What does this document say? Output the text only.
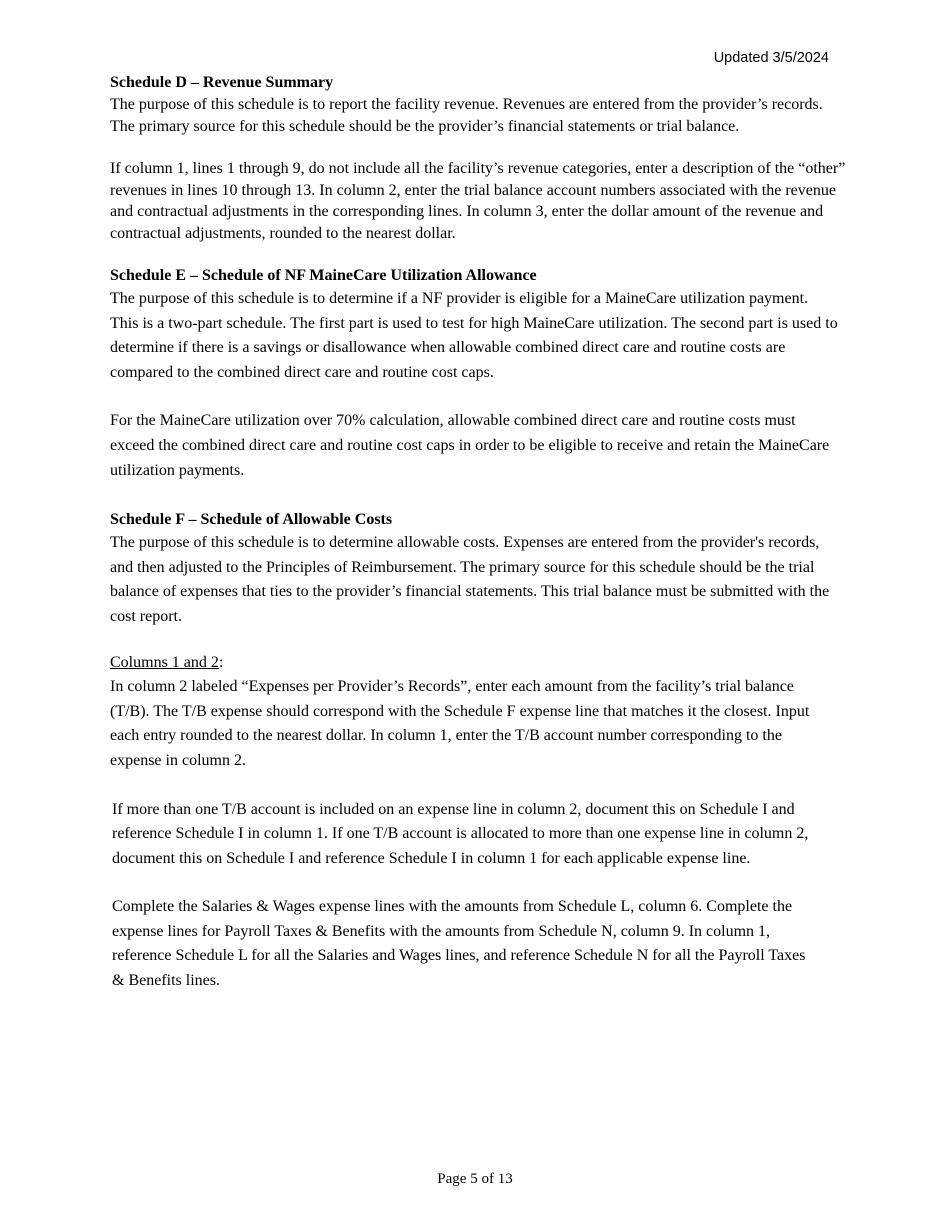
Updated 3/5/2024

Schedule D – Revenue Summary

The purpose of this schedule is to report the facility revenue. Revenues are entered from the provider’s records. The primary source for this schedule should be the provider’s financial statements or trial balance.

If column 1, lines 1 through 9, do not include all the facility’s revenue categories, enter a description of the “other” revenues in lines 10 through 13. In column 2, enter the trial balance account numbers associated with the revenue and contractual adjustments in the corresponding lines. In column 3, enter the dollar amount of the revenue and contractual adjustments, rounded to the nearest dollar.

Schedule E – Schedule of NF MaineCare Utilization Allowance

The purpose of this schedule is to determine if a NF provider is eligible for a MaineCare utilization payment. This is a two-part schedule. The first part is used to test for high MaineCare utilization. The second part is used to determine if there is a savings or disallowance when allowable combined direct care and routine costs are compared to the combined direct care and routine cost caps.

For the MaineCare utilization over 70% calculation, allowable combined direct care and routine costs must exceed the combined direct care and routine cost caps in order to be eligible to receive and retain the MaineCare utilization payments.

Schedule F – Schedule of Allowable Costs

The purpose of this schedule is to determine allowable costs. Expenses are entered from the provider's records, and then adjusted to the Principles of Reimbursement. The primary source for this schedule should be the trial balance of expenses that ties to the provider’s financial statements. This trial balance must be submitted with the cost report.

Columns 1 and 2:

In column 2 labeled “Expenses per Provider’s Records”, enter each amount from the facility’s trial balance (T/B). The T/B expense should correspond with the Schedule F expense line that matches it the closest. Input each entry rounded to the nearest dollar. In column 1, enter the T/B account number corresponding to the expense in column 2.

If more than one T/B account is included on an expense line in column 2, document this on Schedule I and reference Schedule I in column 1. If one T/B account is allocated to more than one expense line in column 2, document this on Schedule I and reference Schedule I in column 1 for each applicable expense line.

Complete the Salaries & Wages expense lines with the amounts from Schedule L, column 6. Complete the expense lines for Payroll Taxes & Benefits with the amounts from Schedule N, column 9. In column 1, reference Schedule L for all the Salaries and Wages lines, and reference Schedule N for all the Payroll Taxes & Benefits lines.

Page 5 of 13
